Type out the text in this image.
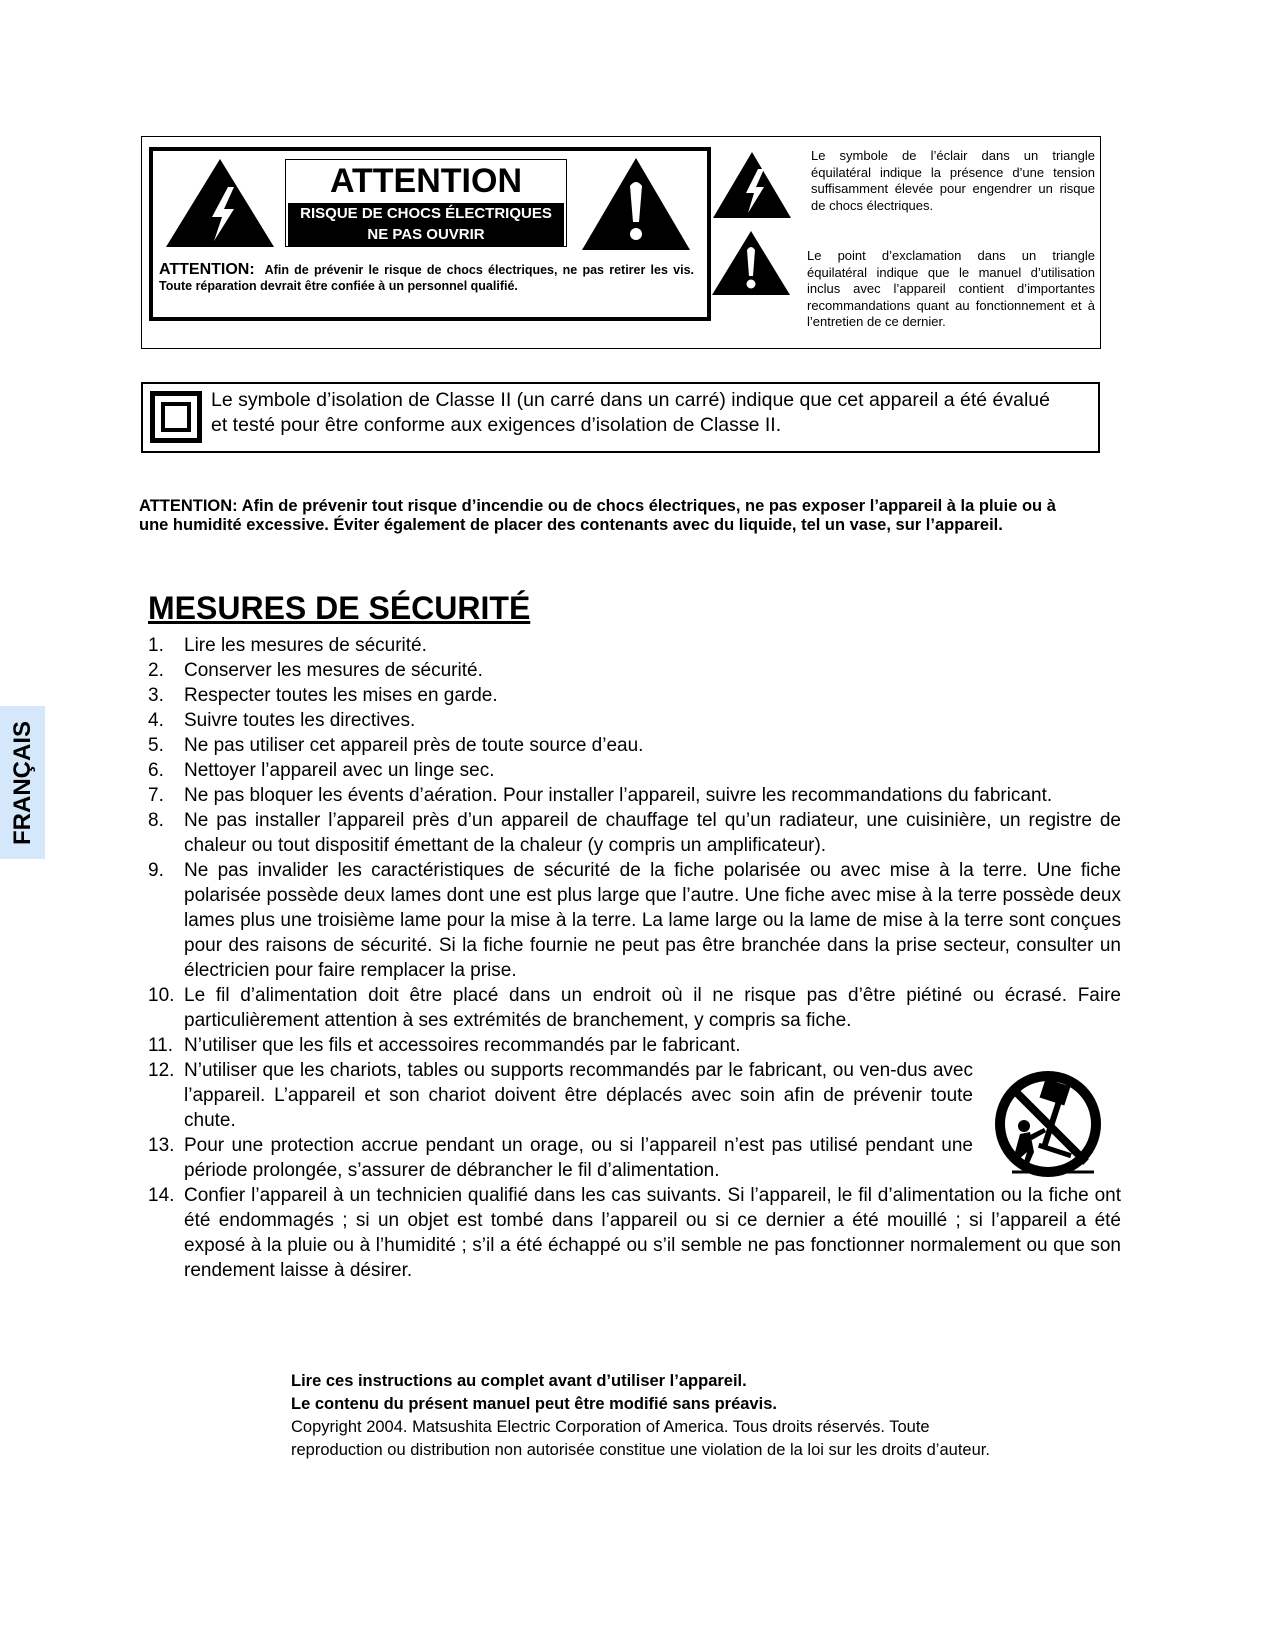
FRANÇAIS
ATTENTION
RISQUE DE CHOCS ÉLECTRIQUES
NE PAS OUVRIR
ATTENTION: Afin de prévenir le risque de chocs électriques, ne pas retirer les vis. Toute réparation devrait être confiée à un personnel qualifié.
Le symbole de l’éclair dans un triangle équilatéral indique la présence d’une tension suffisamment élevée pour engendrer un risque de chocs électriques.
Le point d’exclamation dans un triangle équilatéral indique que le manuel d’utilisation inclus avec l’appareil contient d’importantes recommandations quant au fonctionnement et à l’entretien de ce dernier.
Le symbole d’isolation de Classe II (un carré dans un carré) indique que cet appareil a été évalué et testé pour être conforme aux exigences d’isolation de Classe II.
ATTENTION: Afin de prévenir tout risque d’incendie ou de chocs électriques, ne pas exposer l’appareil à la pluie ou à une humidité excessive. Éviter également de placer des contenants avec du liquide, tel un vase, sur l’appareil.
MESURES DE SÉCURITÉ
1. Lire les mesures de sécurité.
2. Conserver les mesures de sécurité.
3. Respecter toutes les mises en garde.
4. Suivre toutes les directives.
5. Ne pas utiliser cet appareil près de toute source d’eau.
6. Nettoyer l’appareil avec un linge sec.
7. Ne pas bloquer les évents d’aération. Pour installer l’appareil, suivre les recommandations du fabricant.
8. Ne pas installer l’appareil près d’un appareil de chauffage tel qu’un radiateur, une cuisinière, un registre de chaleur ou tout dispositif émettant de la chaleur (y compris un amplificateur).
9. Ne pas invalider les caractéristiques de sécurité de la fiche polarisée ou avec mise à la terre. Une fiche polarisée possède deux lames dont une est plus large que l’autre. Une fiche avec mise à la terre possède deux lames plus une troisième lame pour la mise à la terre. La lame large ou la lame de mise à la terre sont conçues pour des raisons de sécurité. Si la fiche fournie ne peut pas être branchée dans la prise secteur, consulter un électricien pour faire remplacer la prise.
10. Le fil d’alimentation doit être placé dans un endroit où il ne risque pas d’être piétiné ou écrasé. Faire particulièrement attention à ses extrémités de branchement, y compris sa fiche.
11. N’utiliser que les fils et accessoires recommandés par le fabricant.
12. N’utiliser que les chariots, tables ou supports recommandés par le fabricant, ou ven-dus avec l’appareil. L’appareil et son chariot doivent être déplacés avec soin afin de prévenir toute chute.
13. Pour une protection accrue pendant un orage, ou si l’appareil n’est pas utilisé pendant une période prolongée, s’assurer de débrancher le fil d’alimentation.
14. Confier l’appareil à un technicien qualifié dans les cas suivants. Si l’appareil, le fil d’alimentation ou la fiche ont été endommagés ; si un objet est tombé dans l’appareil ou si ce dernier a été mouillé ; si l’appareil a été exposé à la pluie ou à l’humidité ; s’il a été échappé ou s’il semble ne pas fonctionner normalement ou que son rendement laisse à désirer.
Lire ces instructions au complet avant d’utiliser l’appareil.
Le contenu du présent manuel peut être modifié sans préavis.
Copyright 2004. Matsushita Electric Corporation of America. Tous droits réservés. Toute reproduction ou distribution non autorisée constitue une violation de la loi sur les droits d’auteur.
